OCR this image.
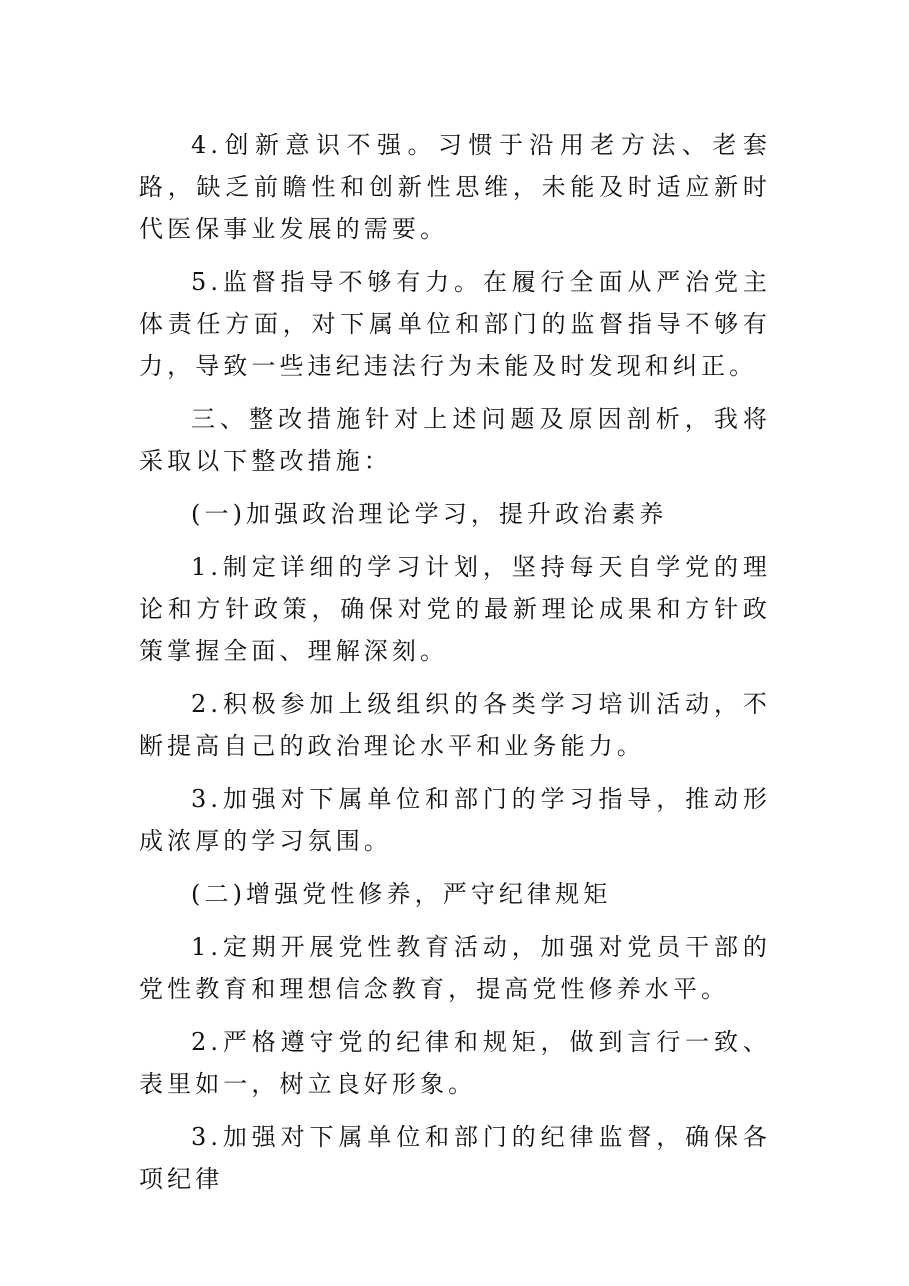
4.创新意识不强。习惯于沿用老方法、老套路，缺乏前瞻性和创新性思维，未能及时适应新时代医保事业发展的需要。

5.监督指导不够有力。在履行全面从严治党主体责任方面，对下属单位和部门的监督指导不够有力，导致一些违纪违法行为未能及时发现和纠正。

三、整改措施针对上述问题及原因剖析，我将采取以下整改措施：

(一)加强政治理论学习，提升政治素养

1.制定详细的学习计划，坚持每天自学党的理论和方针政策，确保对党的最新理论成果和方针政策掌握全面、理解深刻。

2.积极参加上级组织的各类学习培训活动，不断提高自己的政治理论水平和业务能力。

3.加强对下属单位和部门的学习指导，推动形成浓厚的学习氛围。

(二)增强党性修养，严守纪律规矩

1.定期开展党性教育活动，加强对党员干部的党性教育和理想信念教育，提高党性修养水平。

2.严格遵守党的纪律和规矩，做到言行一致、表里如一，树立良好形象。

3.加强对下属单位和部门的纪律监督，确保各项纪律
